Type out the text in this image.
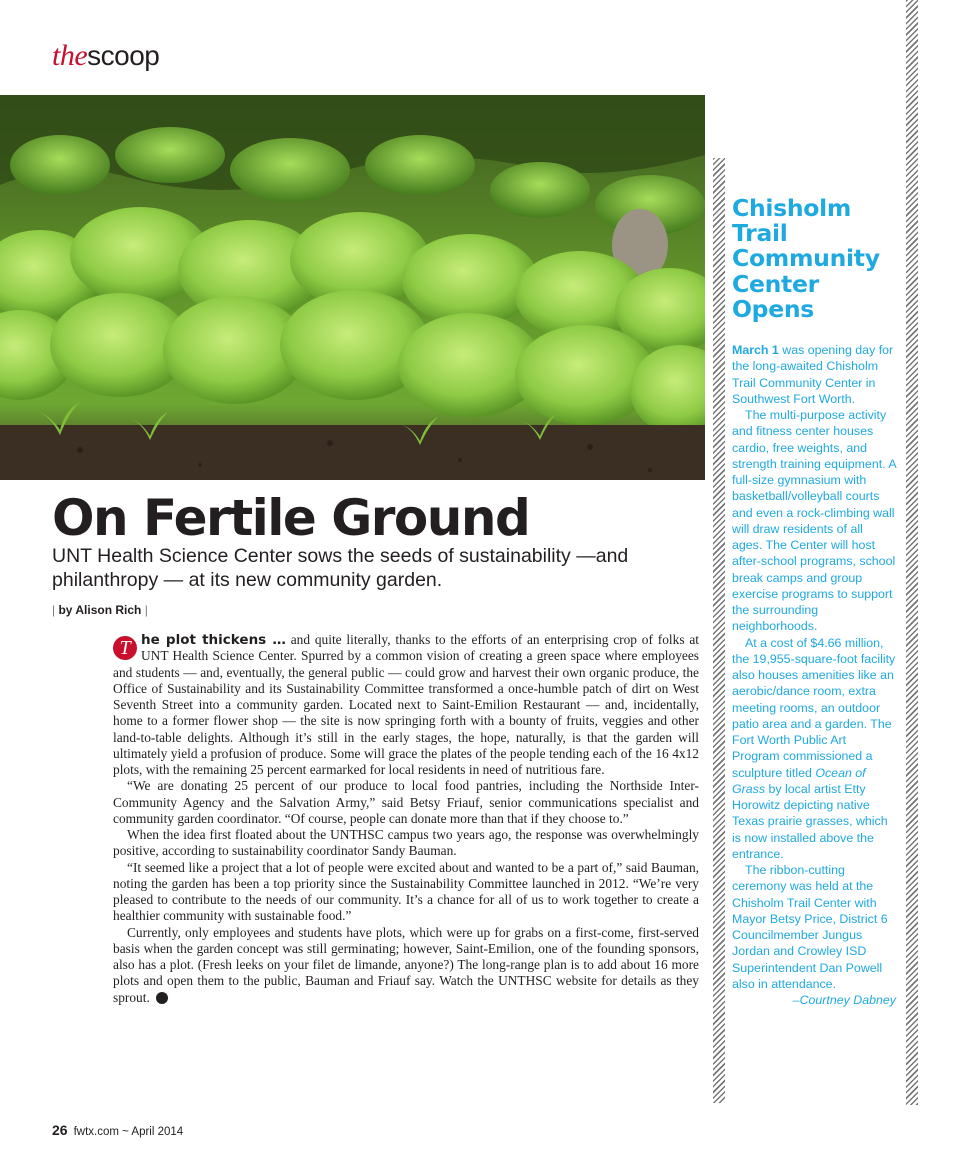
thescoop
On Fertile Ground

UNT Health Science Center sows the seeds of sustainability —and philanthropy — at its new community garden.

| by Alison Rich |

T he plot thickens … and quite literally, thanks to the efforts of an enterprising crop of folks at UNT Health Science Center. Spurred by a common vision of creating a green space where employees and students — and, eventually, the general public — could grow and harvest their own organic produce, the Office of Sustainability and its Sustainability Committee transformed a once-humble patch of dirt on West Seventh Street into a community garden. Located next to Saint-Emilion Restaurant — and, incidentally, home to a former flower shop — the site is now springing forth with a bounty of fruits, veggies and other land-to-table delights. Although it’s still in the early stages, the hope, naturally, is that the garden will ultimately yield a profusion of produce. Some will grace the plates of the people tending each of the 16 4x12 plots, with the remaining 25 percent earmarked for local residents in need of nutritious fare.

“We are donating 25 percent of our produce to local food pantries, including the Northside Inter-Community Agency and the Salvation Army,” said Betsy Friauf, senior communications specialist and community garden coordinator. “Of course, people can donate more than that if they choose to.”

When the idea first floated about the UNTHSC campus two years ago, the response was overwhelmingly positive, according to sustainability coordinator Sandy Bauman.

“It seemed like a project that a lot of people were excited about and wanted to be a part of,” said Bauman, noting the garden has been a top priority since the Sustainability Committee launched in 2012. “We’re very pleased to contribute to the needs of our community. It’s a chance for all of us to work together to create a healthier community with sustainable food.”

Currently, only employees and students have plots, which were up for grabs on a first-come, first-served basis when the garden concept was still germinating; however, Saint-Emilion, one of the founding sponsors, also has a plot. (Fresh leeks on your filet de limande, anyone?) The long-range plan is to add about 16 more plots and open them to the public, Bauman and Friauf say. Watch the UNTHSC website for details as they sprout.	fw

Chisholm Trail Community Center Opens

March 1 was opening day for the long-awaited Chisholm Trail Community Center in Southwest Fort Worth.

The multi-purpose activity and fitness center houses cardio, free weights, and strength training equipment. A full-size gymnasium with basketball/volleyball courts and even a rock-climbing wall will draw residents of all ages. The Center will host after-school programs, school break camps and group exercise programs to support the surrounding neighborhoods.

At a cost of $4.66 million, the 19,955-square-foot facility also houses amenities like an aerobic/dance room, extra meeting rooms, an outdoor patio area and a garden. The Fort Worth Public Art Program commissioned a sculpture titled Ocean of Grass by local artist Etty Horowitz depicting native Texas prairie grasses, which is now installed above the entrance.

The ribbon-cutting ceremony was held at the Chisholm Trail Center with Mayor Betsy Price, District 6 Councilmember Jungus Jordan and Crowley ISD Superintendent Dan Powell also in attendance.

–Courtney Dabney

26 fwtx.com ~ April 2014
